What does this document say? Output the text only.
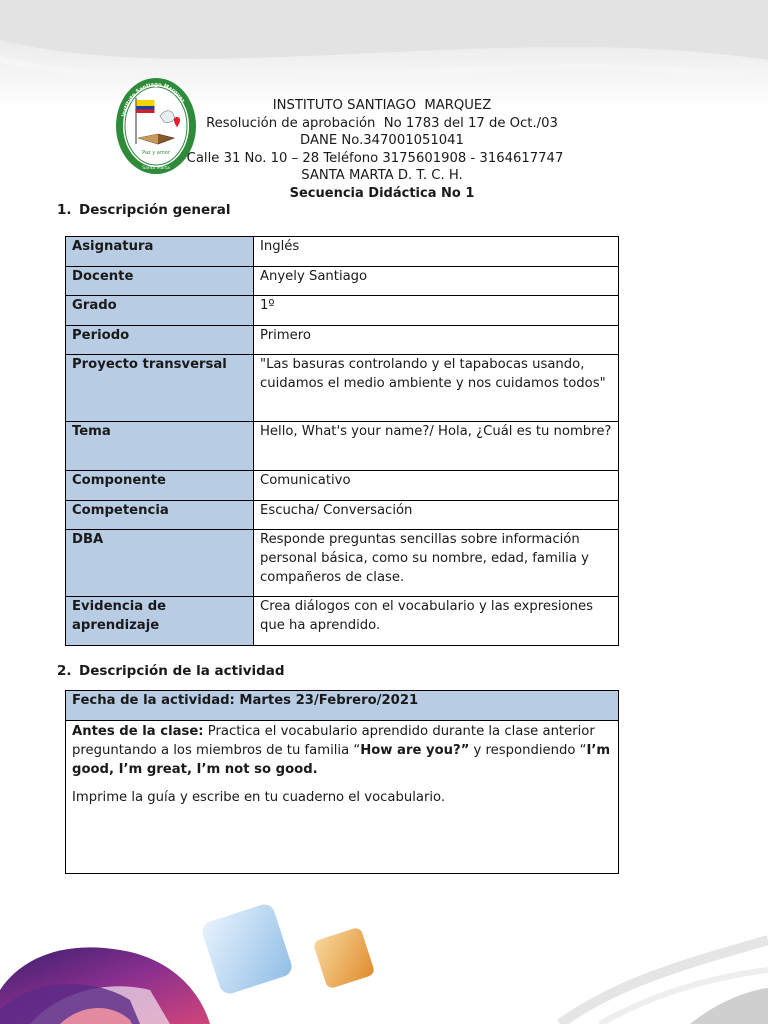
Paz y amor
Santa Marta
Instituto Santiago Marquez	INSTITUTO SANTIAGO  MARQUEZ
Resolución de aprobación  No 1783 del 17 de Oct./03
DANE No.347001051041
Calle 31 No. 10 – 28 Teléfono 3175601908 - 3164617747
SANTA MARTA D. T. C. H.
Secuencia Didáctica No 1
1. Descripción general
Asignatura	Inglés
Docente	Anyely Santiago
Grado	1º
Periodo	Primero
Proyecto transversal	"Las basuras controlando y el tapabocas usando, cuidamos el medio ambiente y nos cuidamos todos"
Tema	Hello, What's your name?/ Hola, ¿Cuál es tu nombre?
Componente	Comunicativo
Competencia	Escucha/ Conversación
DBA	Responde preguntas sencillas sobre información personal básica, como su nombre, edad, familia y compañeros de clase.
Evidencia de aprendizaje	Crea diálogos con el vocabulario y las expresiones que ha aprendido.
2. Descripción de la actividad
Fecha de la actividad: Martes 23/Febrero/2021

Antes de la clase: Practica el vocabulario aprendido durante la clase anterior preguntando a los miembros de tu familia “How are you?” y respondiendo “I’m good, I’m great, I’m not so good.

Imprime la guía y escribe en tu cuaderno el vocabulario.
